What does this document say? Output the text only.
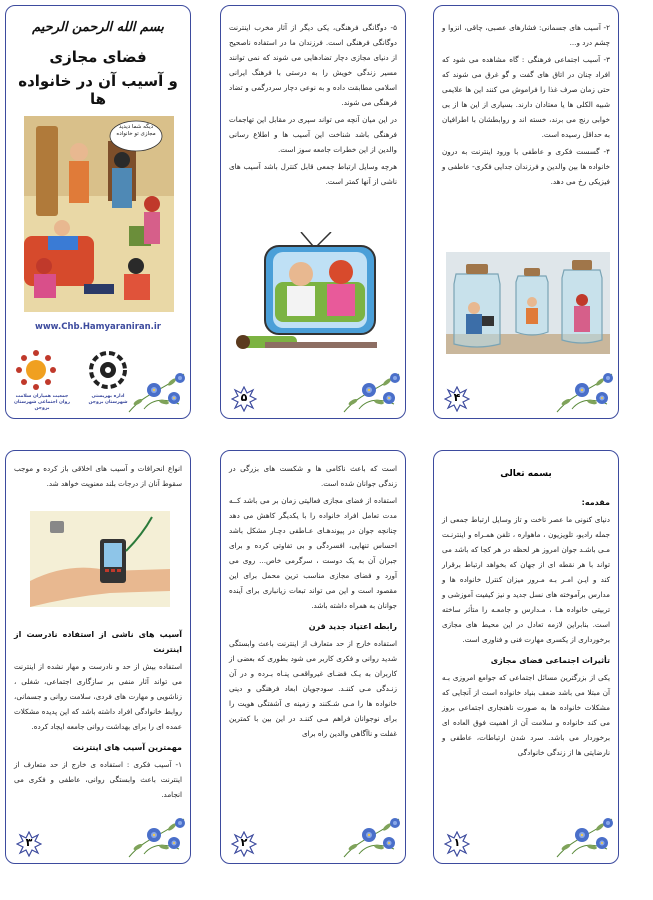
بسم الله الرحمن الرحیم
فضای مجازی
و آسیب آن در خانواده ها
دیگه شما دیدید مجازی تو خانواده
www.Chb.Hamyaraniran.ir
جمعیت همیاران سلامت روان اجتماعی شهرستان بروجن
اداره بهزیستی شهرستان بروجن

۵- دوگانگی فرهنگی، یکی دیگر از آثار مخرب اینترنت دوگانگی فرهنگی است. فرزندان ما در استفاده ناصحیح از دنیای مجازی دچار تضادهایی می شوند که نمی توانند مسیر زندگی خویش را به درستی با فرهنگ ایرانی اسلامی مطابقت داده و به نوعی دچار سردرگمی و تضاد فرهنگی می شوند.

در این میان آنچه می تواند سپری در مقابل این تهاجمات فرهنگی باشد شناخت این آسیب ها و اطلاع رسانی والدین از این خطرات جامعه سوز است.

هرچه وسایل ارتباط جمعی قابل کنترل باشد آسیب های ناشی از آنها کمتر است.

۵

۲- آسیب های جسمانی: فشارهای عصبی، چاقی، انزوا و چشم درد و...

۳- آسیب اجتماعی فرهنگی : گاه مشاهده می شود که افراد چنان در اتاق های گفت و گو غرق می شوند که حتی زمان صرف غذا را فراموش می کنند این ها علایمی شبیه الکلی ها یا معتادان دارند. بسیاری از این ها از بی خوابی رنج می برند، خسته اند و روابطشان با اطرافیان به حداقل رسیده است.

۴- گسست فکری و عاطفی با ورود اینترنت به درون خانواده ها بین والدین و فرزندان جدایی فکری- عاطفی و فیزیکی رخ می دهد.

۴
انواع انحرافات و آسیب های اخلاقی باز کرده و موجب سقوط آنان از درجات بلند معنویت خواهد شد.
آسیب های ناشی از استفاده نادرست از اینترنت

استفاده بیش از حد و نادرست و مهار نشده از اینترنت می تواند آثار منفی بر سازگاری اجتماعی، شغلی ، زناشویی و مهارت های فردی، سلامت روانی و جسمانی، روابط خانوادگی افراد داشته باشد که این پدیده مشکلات عمده ای را برای بهداشت روانی جامعه ایجاد کرده.

مهمترین آسیب های اینترنت

۱- آسیب فکری : استفاده ی خارج از حد متعارف از اینترنت باعث وابستگی روانی، عاطفی و فکری می انجامد.

۳

است که باعث ناکامی ها و شکست های بزرگی در زندگی جوانان شده است.

استفاده از فضای مجازی فعالیتی زمان بر می باشد کــه مدت تعامل افراد خانواده را با یکدیگر کاهش می دهد چنانچه جوان در پیوندهـای عـاطفی دچـار مشکل باشد احساس تنهایی، افسردگی و بی تفاوتی کرده و برای جبران آن به یک دوست ، سرگرمی خاص... روی می آورد و فضای مجازی مناسب ترین محمل برای این مقصود است و این می تواند تبعات زیانباری برای آینده جوانان به همراه داشته باشد.

رابطه اعتیاد جدید قرن

استفاده خارج از حد متعارف از اینترنت باعث وابستگی شدید روانی و فکری کاربر می شود بطوری که بعضی از کاربران به یـک فضـای غیرواقعـی پنـاه بـرده و در آن زنـدگی مـی کننـد. سودجویان ابعاد فرهنگی و دینی خانواده ها را مـی شـکنند و زمینه ی آشفتگی هویت را برای نوجوانان فراهم مـی کننـد در این بین با کمترین غفلت و ناآگاهی والدین راه برای

۲
بسمه تعالی
مقدمه:

دنیای کنونی ما عصر تاخت و تاز وسایل ارتباط جمعی از جمله رادیو، تلویزیون ، ماهواره ، تلفن همـراه و اینترنـت مـی باشـد جوان امروز هر لحظه در هر کجا که باشد می تواند با هر نقطه ای از جهان که بخواهد ارتباط برقرار کند و ایـن امـر بـه مـرور میزان کنترل خانواده ها و مدارس برآموخته های نسل جدید و نیز کیفیت آموزشی و تربیتی خانواده هـا ، مـدارس و جامعـه را متأثر ساخته است. بنابراین لازمه تعادل در این محیط های مجازی برخورداری از یکسری مهارت فنی و فناوری است.

تأثیرات اجتماعی فضای مجازی

یکی از بزرگترین مسائل اجتماعی که جوامع امروزی بـه آن مبتلا می باشد ضعف بنیاد خانواده است از آنجایی که مشکلات خانواده ها به صورت ناهنجاری اجتماعی بروز می کند خانواده و سلامت آن از اهمیت فوق العاده ای برخوردار می باشد. سرد شدن ارتباطات، عاطفی و نارضایتی ها از زندگی خانوادگی

۱
